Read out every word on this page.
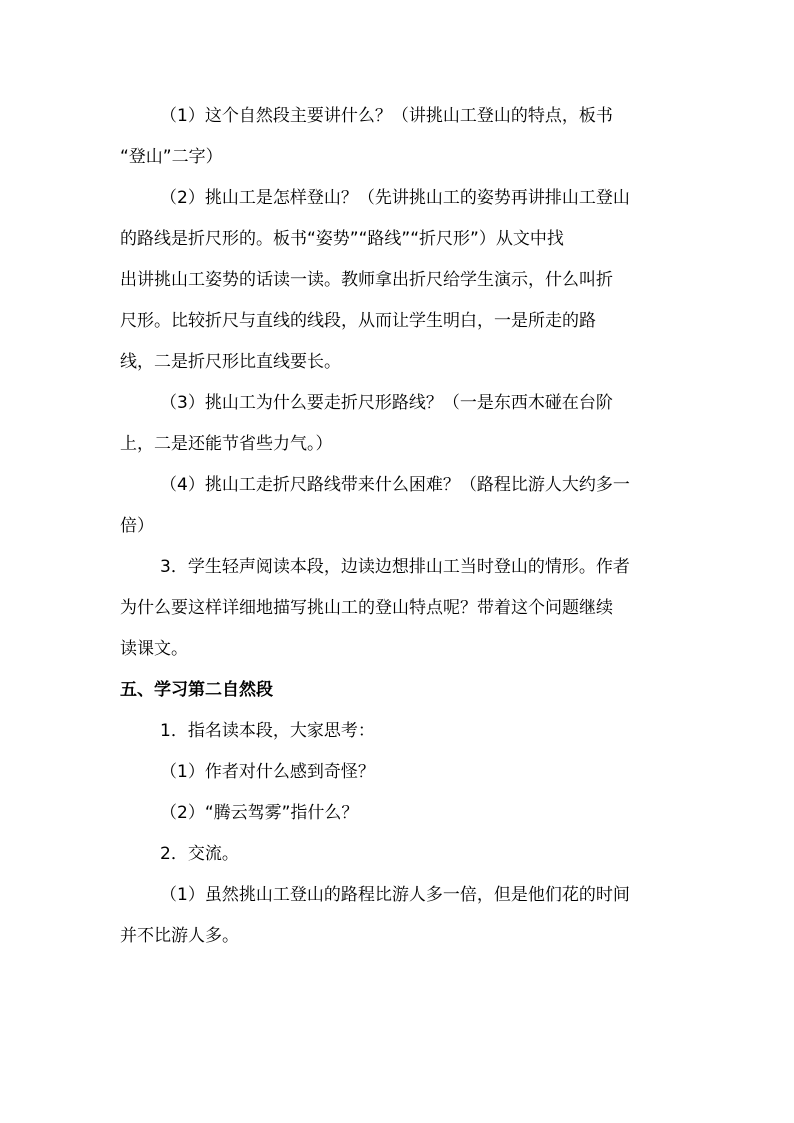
（1）这个自然段主要讲什么？（讲挑山工登山的特点，板书

“登山”二字）

（2）挑山工是怎样登山？（先讲挑山工的姿势再讲排山工登山

的路线是折尺形的。板书“姿势”“路线”“折尺形”）从文中找

出讲挑山工姿势的话读一读。教师拿出折尺给学生演示，什么叫折

尺形。比较折尺与直线的线段，从而让学生明白，一是所走的路

线，二是折尺形比直线要长。

（3）挑山工为什么要走折尺形路线？（一是东西木碰在台阶

上，二是还能节省些力气。）

（4）挑山工走折尺路线带来什么困难？（路程比游人大约多一

倍）

3．学生轻声阅读本段，边读边想排山工当时登山的情形。作者

为什么要这样详细地描写挑山工的登山特点呢？带着这个问题继续

读课文。

五、学习第二自然段

1．指名读本段，大家思考：

（1）作者对什么感到奇怪？

（2）“腾云驾雾”指什么？

2．交流。

（1）虽然挑山工登山的路程比游人多一倍，但是他们花的时间

并不比游人多。
